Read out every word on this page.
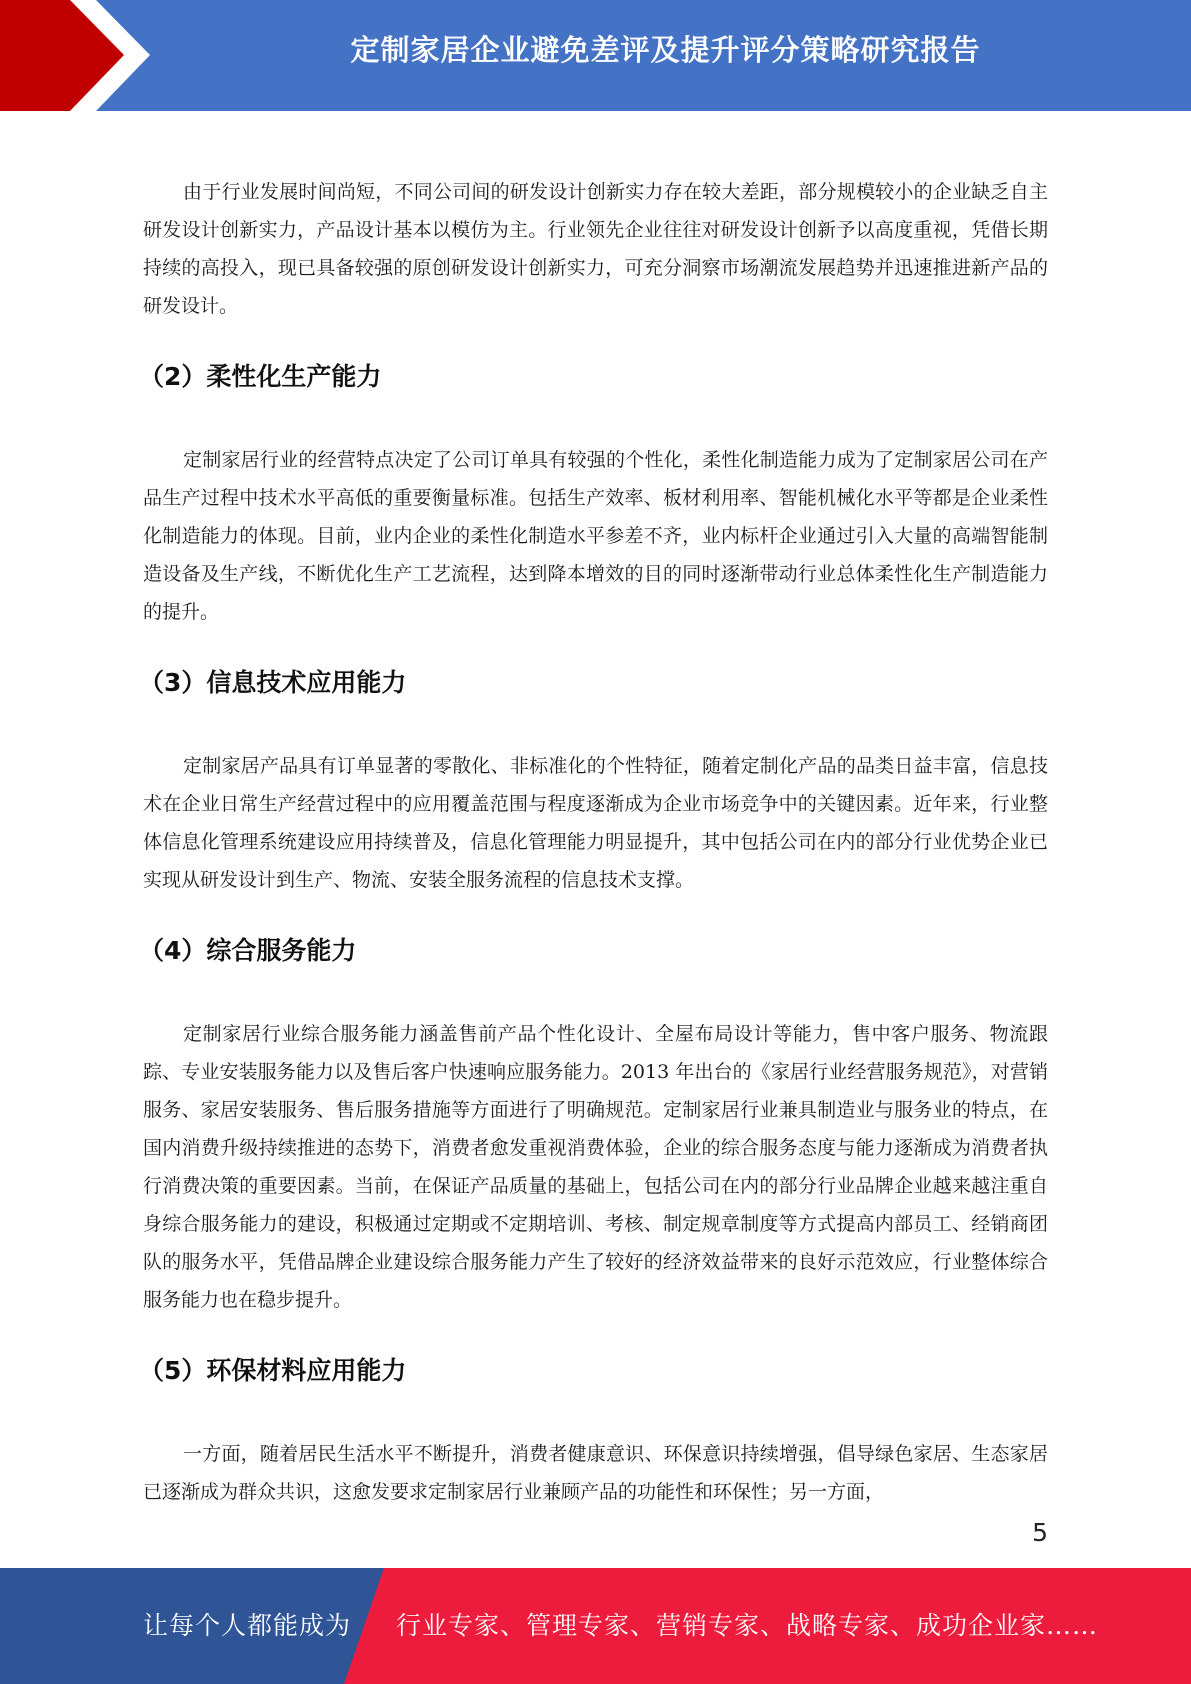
定制家居企业避免差评及提升评分策略研究报告

由于行业发展时间尚短，不同公司间的研发设计创新实力存在较大差距，部分规模较小的企业缺乏自主研发设计创新实力，产品设计基本以模仿为主。行业领先企业往往对研发设计创新予以高度重视，凭借长期持续的高投入，现已具备较强的原创研发设计创新实力，可充分洞察市场潮流发展趋势并迅速推进新产品的研发设计。

（2）柔性化生产能力

定制家居行业的经营特点决定了公司订单具有较强的个性化，柔性化制造能力成为了定制家居公司在产品生产过程中技术水平高低的重要衡量标准。包括生产效率、板材利用率、智能机械化水平等都是企业柔性化制造能力的体现。目前，业内企业的柔性化制造水平参差不齐，业内标杆企业通过引入大量的高端智能制造设备及生产线，不断优化生产工艺流程，达到降本增效的目的同时逐渐带动行业总体柔性化生产制造能力的提升。

（3）信息技术应用能力

定制家居产品具有订单显著的零散化、非标准化的个性特征，随着定制化产品的品类日益丰富，信息技术在企业日常生产经营过程中的应用覆盖范围与程度逐渐成为企业市场竞争中的关键因素。近年来，行业整体信息化管理系统建设应用持续普及，信息化管理能力明显提升，其中包括公司在内的部分行业优势企业已实现从研发设计到生产、物流、安装全服务流程的信息技术支撑。

（4）综合服务能力

定制家居行业综合服务能力涵盖售前产品个性化设计、全屋布局设计等能力，售中客户服务、物流跟踪、专业安装服务能力以及售后客户快速响应服务能力。2013 年出台的《家居行业经营服务规范》，对营销服务、家居安装服务、售后服务措施等方面进行了明确规范。定制家居行业兼具制造业与服务业的特点，在国内消费升级持续推进的态势下，消费者愈发重视消费体验，企业的综合服务态度与能力逐渐成为消费者执行消费决策的重要因素。当前，在保证产品质量的基础上，包括公司在内的部分行业品牌企业越来越注重自身综合服务能力的建设，积极通过定期或不定期培训、考核、制定规章制度等方式提高内部员工、经销商团队的服务水平，凭借品牌企业建设综合服务能力产生了较好的经济效益带来的良好示范效应，行业整体综合服务能力也在稳步提升。

（5）环保材料应用能力

一方面，随着居民生活水平不断提升，消费者健康意识、环保意识持续增强，倡导绿色家居、生态家居已逐渐成为群众共识，这愈发要求定制家居行业兼顾产品的功能性和环保性；另一方面，

5
让每个人都能成为 行业专家、管理专家、营销专家、战略专家、成功企业家……
